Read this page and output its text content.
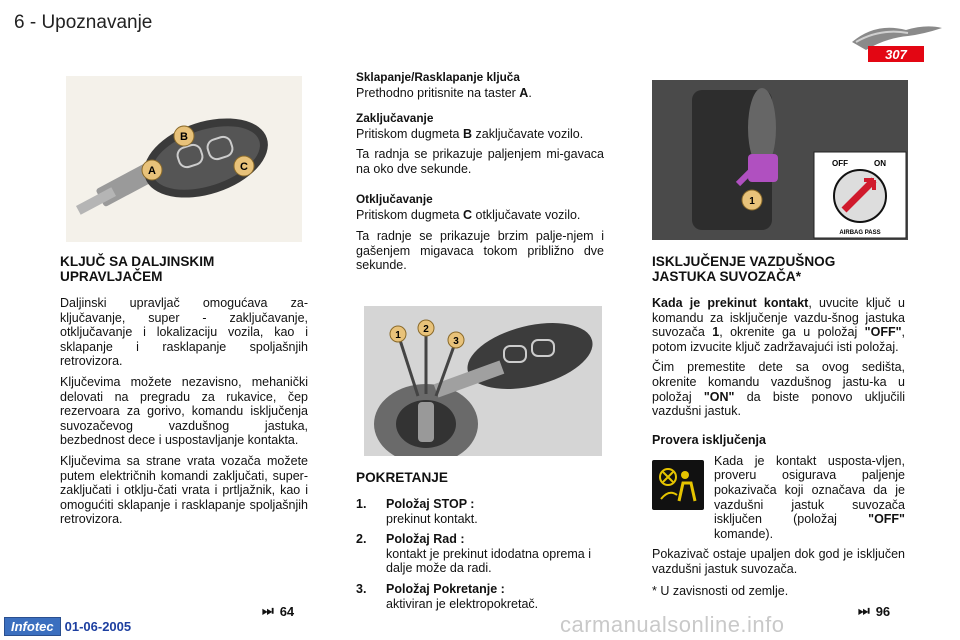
6 - Upoznavanje
307
B
A	C

KLJUČ SA DALJINSKIM

UPRAVLJAČEM

Daljinski upravljač omogućava za-ključavanje, super - zaključavanje, otključavanje i lokalizaciju vozila, kao i sklapanje i rasklapanje spoljašnjih retrovizora.

Ključevima možete nezavisno, mehanički delovati na pregradu za rukavice, čep rezervoara za gorivo, komandu isključenja suvozačevog vazdušnog jastuka, bezbednost dece i uspostavljanje kontakta.

Ključevima sa strane vrata vozača možete putem električnih komandi zaključati, super-zaključati i otklju-čati vrata i prtljažnik, kao i omogućiti sklapanje i rasklapanje spoljašnjih retrovizora.

Sklapanje/Rasklapanje ključa

Prethodno pritisnite na taster A.

Zaključavanje

Pritiskom dugmeta B zaključavate vozilo.

Ta radnja se prikazuje paljenjem mi-gavaca na oko dve sekunde.

Otključavanje

Pritiskom dugmeta C otključavate vozilo.

Ta radnje se prikazuje brzim palje-njem i gašenjem migavaca tokom približno dve sekunde.

1
2
3

POKRETANJE

1. Položaj STOP :
prekinut kontakt.
2. Položaj Rad :
kontakt je prekinut idodatna oprema i dalje može da radi.
3. Položaj Pokretanje :
aktiviran je elektropokretač.
1
OFF	ON
AIRBAG PASS

ISKLJUČENJE VAZDUŠNOG

JASTUKA SUVOZAČA*

Kada je prekinut kontakt, uvucite ključ u komandu za isključenje vazdu-šnog jastuka suvozača 1, okrenite ga u položaj "OFF", potom izvucite ključ zadržavajući isti položaj.

Čim premestite dete sa ovog sedišta, okrenite komandu vazdušnog jastu-ka u položaj "ON" da biste ponovo uključili vazdušni jastuk.

Provera isključenja

Kada je kontakt usposta-vljen, proveru osigurava paljenje pokazivača koji označava da je vazdušni jastuk suvozača isključen (položaj "OFF" komande).

Pokazivač ostaje upaljen dok god je isključen vazdušni jastuk suvozača.

* U zavisnosti od zemlje.
⏭ 64	⏭ 96
Infotec 01-06-2005	carmanualsonline.info
